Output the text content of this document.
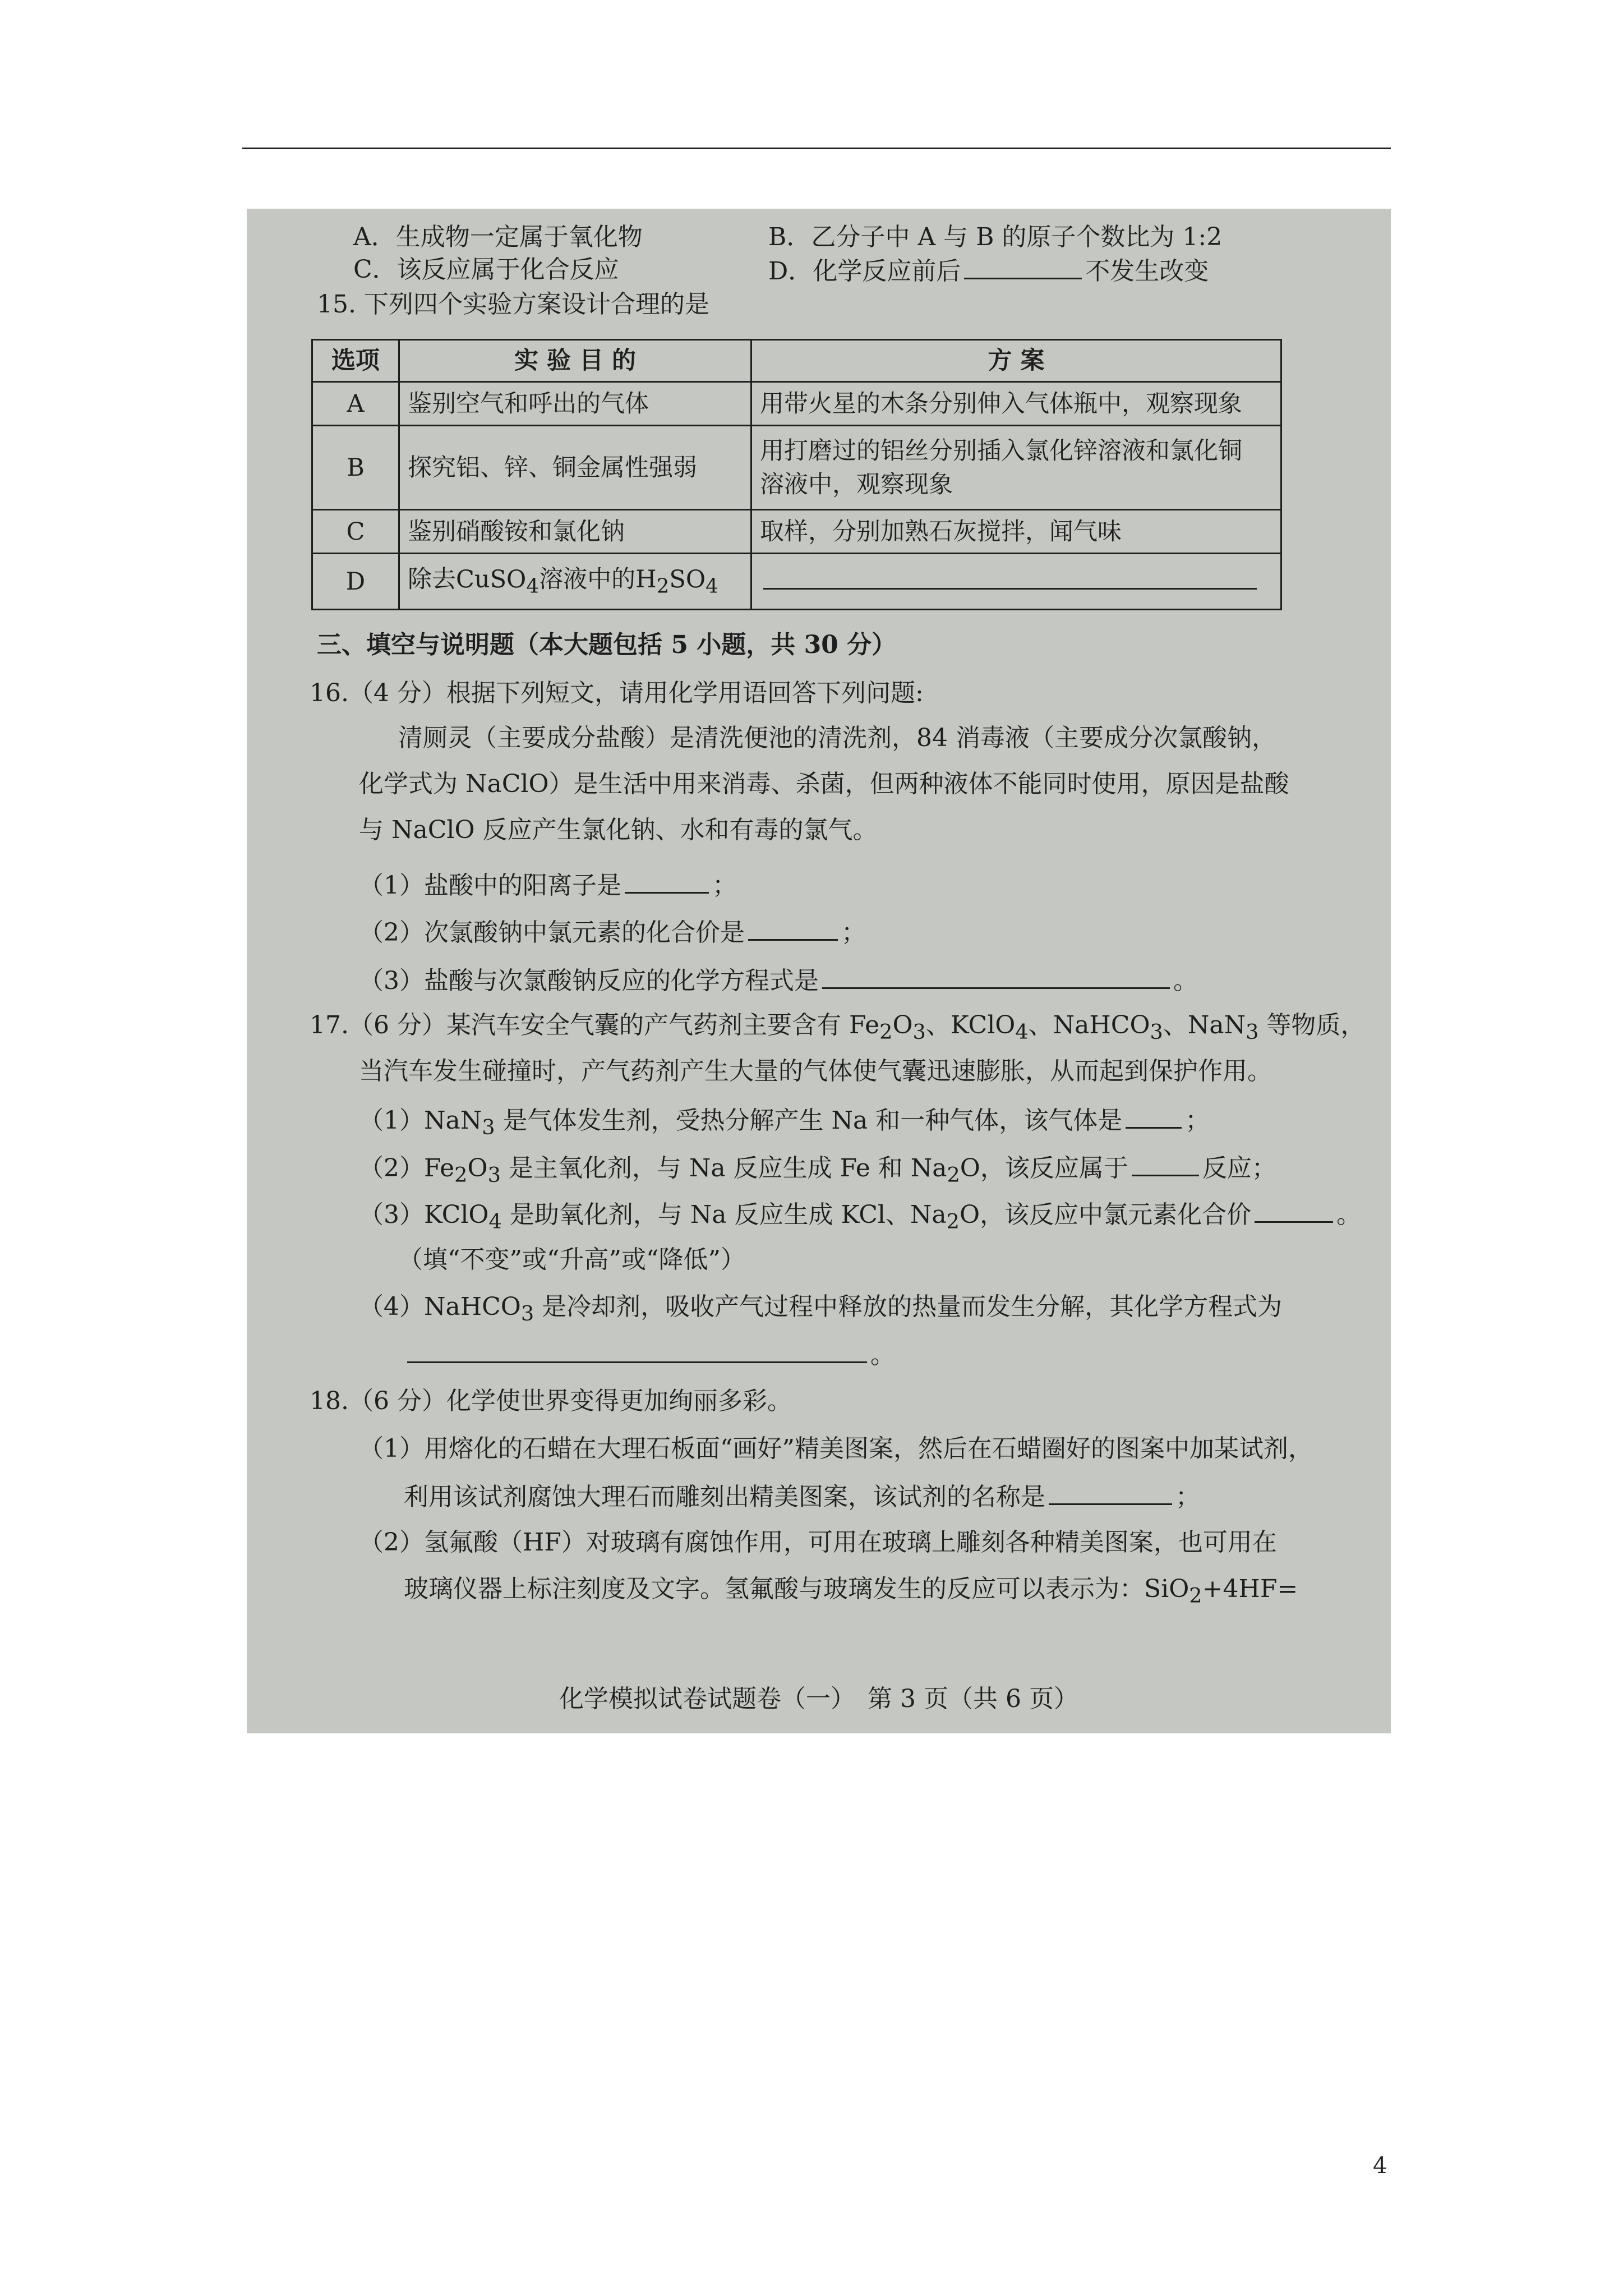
A．生成物一定属于氧化物	B．乙分子中 A 与 B 的原子个数比为 1:2
C．该反应属于化合反应	D．化学反应前后	不发生改变
15. 下列四个实验方案设计合理的是
选项	实 验 目 的	方 案
A	鉴别空气和呼出的气体	用带火星的木条分别伸入气体瓶中，观察现象
B	探究铝、锌、铜金属性强弱	用打磨过的铝丝分别插入氯化锌溶液和氯化铜
溶液中，观察现象

C	鉴别硝酸铵和氯化钠	取样，分别加熟石灰搅拌，闻气味
D	除去CuSO$_4$溶液中的$H_2SO_4$	
三、填空与说明题（本大题包括 5 小题，共 30 分）
16.（4 分）根据下列短文，请用化学用语回答下列问题:
清厕灵（主要成分盐酸）是清洗便池的清洗剂，84 消毒液（主要成分次氯酸钠，
化学式为 NaClO）是生活中用来消毒、杀菌，但两种液体不能同时使用，原因是盐酸
与 NaClO 反应产生氯化钠、水和有毒的氯气。
（1）盐酸中的阳离子是	；
（2）次氯酸钠中氯元素的化合价是	；
（3）盐酸与次氯酸钠反应的化学方程式是	。
17.（6 分）某汽车安全气囊的产气药剂主要含有 $Fe_2O_3$、KClO$_4$、NaHCO$_3$、NaN$_3$ 等物质，
当汽车发生碰撞时，产气药剂产生大量的气体使气囊迅速膨胀，从而起到保护作用。
（1）NaN$_3$ 是气体发生剂，受热分解产生 Na 和一种气体，该气体是	；
$(2)Fe_2O_3$ 是主氧化剂，与 Na 反应生成 Fe 和 $Na_2O$，该反应属于	反应；
（3）KClO$_4$ 是助氧化剂，与 Na 反应生成 KCl、$Na_2O$，该反应中氯元素化合价	。
（填“不变”或“升高”或“降低”）
（4）NaHCO$_3$ 是冷却剂，吸收产气过程中释放的热量而发生分解，其化学方程式为
。
18.（6 分）化学使世界变得更加绚丽多彩。
（1）用熔化的石蜡在大理石板面“画好”精美图案，然后在石蜡圈好的图案中加某试剂，
利用该试剂腐蚀大理石而雕刻出精美图案，该试剂的名称是	；
（2）氢氟酸（HF）对玻璃有腐蚀作用，可用在玻璃上雕刻各种精美图案，也可用在
玻璃仪器上标注刻度及文字。氢氟酸与玻璃发生的反应可以表示为：SiO$_2$+4HF=
化学模拟试卷试题卷（一）　第 3 页（共 6 页）
4
